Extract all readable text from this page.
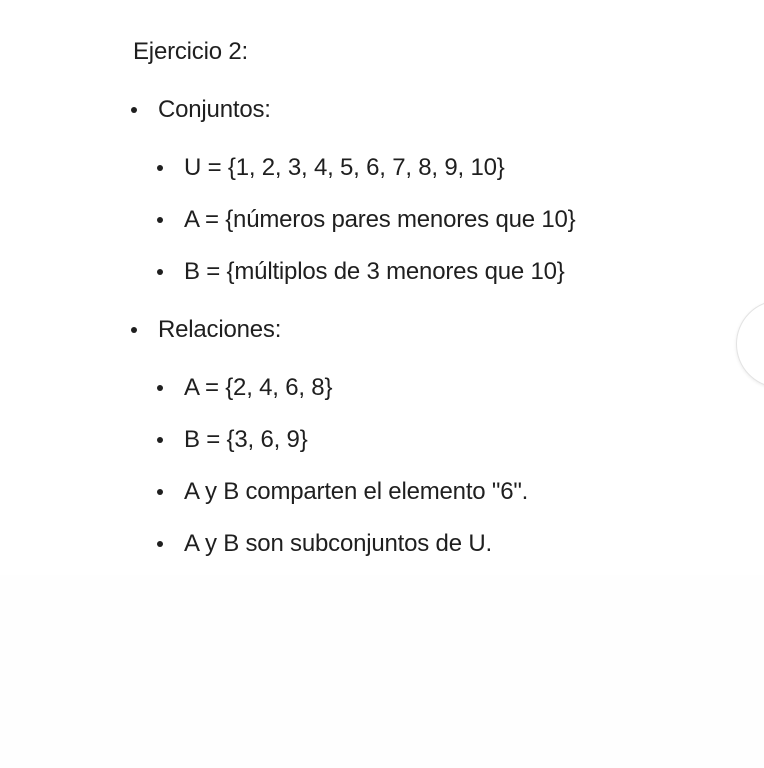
Ejercicio 2:
Conjuntos:
U = {1, 2, 3, 4, 5, 6, 7, 8, 9, 10}
A = {números pares menores que 10}
B = {múltiplos de 3 menores que 10}
Relaciones:
A = {2, 4, 6, 8}
B = {3, 6, 9}
A y B comparten el elemento "6".
A y B son subconjuntos de U.
